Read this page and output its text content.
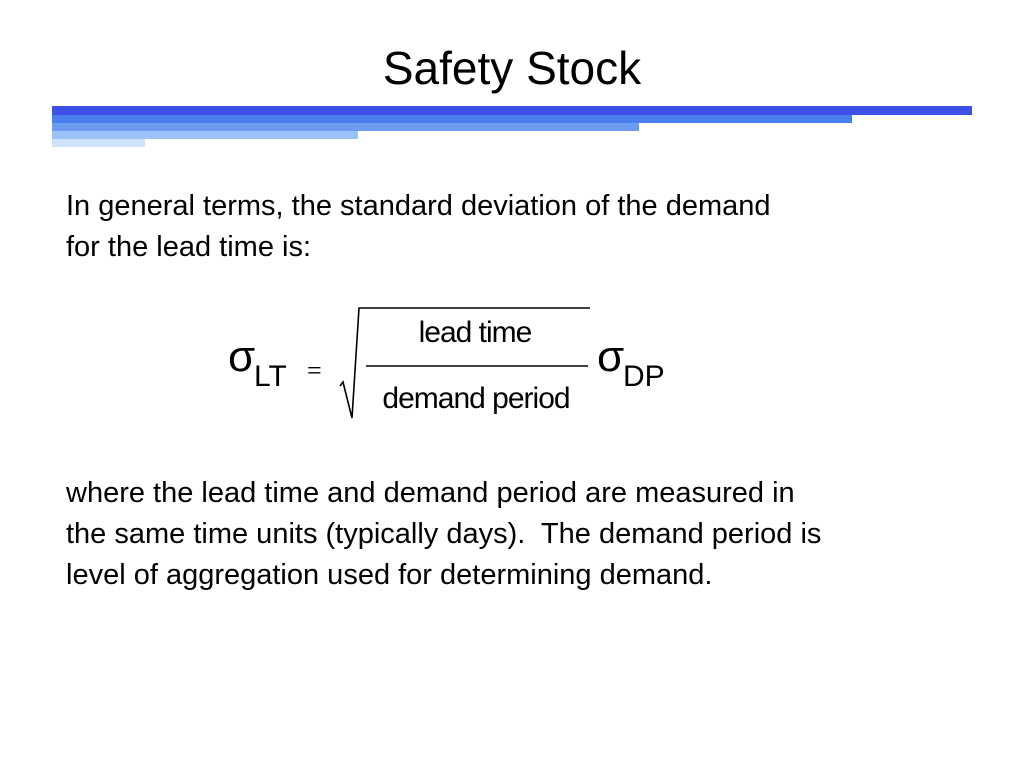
Safety Stock

In general terms, the standard deviation of the demand

for the lead time is:

σ
LT =
lead time
demand period
σ
DP

where the lead time and demand period are measured in

the same time units (typically days).  The demand period is

level of aggregation used for determining demand.
